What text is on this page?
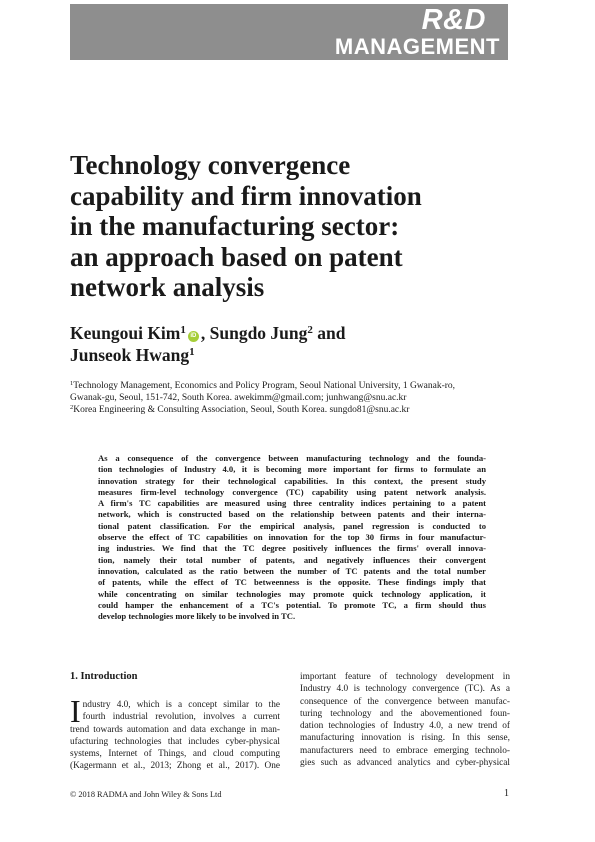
R&D
MANAGEMENT
Technology convergence
capability and firm innovation
in the manufacturing sector:
an approach based on patent
network analysis
Keungoui Kim$^1$ iD , Sungdo Jung$^2$ and
Junseok Hwang$^1$
$^1$Technology Management, Economics and Policy Program, Seoul National University, 1 Gwanak-ro,
Gwanak-gu, Seoul, 151-742, South Korea. awekimm@gmail.com; junhwang@snu.ac.kr
$^2$Korea Engineering & Consulting Association, Seoul, South Korea. sungdo81@snu.ac.kr
As a consequence of the convergence between manufacturing technology and the founda-
tion technologies of Industry 4.0, it is becoming more important for firms to formulate an
innovation strategy for their technological capabilities. In this context, the present study
measures firm-level technology convergence (TC) capability using patent network analysis.
A firm's TC capabilities are measured using three centrality indices pertaining to a patent
network, which is constructed based on the relationship between patents and their interna-
tional patent classification. For the empirical analysis, panel regression is conducted to
observe the effect of TC capabilities on innovation for the top 30 firms in four manufactur-
ing industries. We find that the TC degree positively influences the firms' overall innova-
tion, namely their total number of patents, and negatively influences their convergent
innovation, calculated as the ratio between the number of TC patents and the total number
of patents, while the effect of TC betweenness is the opposite. These findings imply that
while concentrating on similar technologies may promote quick technology application, it
could hamper the enhancement of a TC's potential. To promote TC, a firm should thus
develop technologies more likely to be involved in TC.
1. Introduction
I ndustry 4.0, which is a concept similar to the
fourth industrial revolution, involves a current
trend towards automation and data exchange in man-
ufacturing technologies that includes cyber-physical
systems, Internet of Things, and cloud computing
(Kagermann et al., 2013; Zhong et al., 2017). One
important feature of technology development in
Industry 4.0 is technology convergence (TC). As a
consequence of the convergence between manufac-
turing technology and the abovementioned foun-
dation technologies of Industry 4.0, a new trend of
manufacturing innovation is rising. In this sense,
manufacturers need to embrace emerging technolo-
gies such as advanced analytics and cyber-physical
© 2018 RADMA and John Wiley & Sons Ltd	1
